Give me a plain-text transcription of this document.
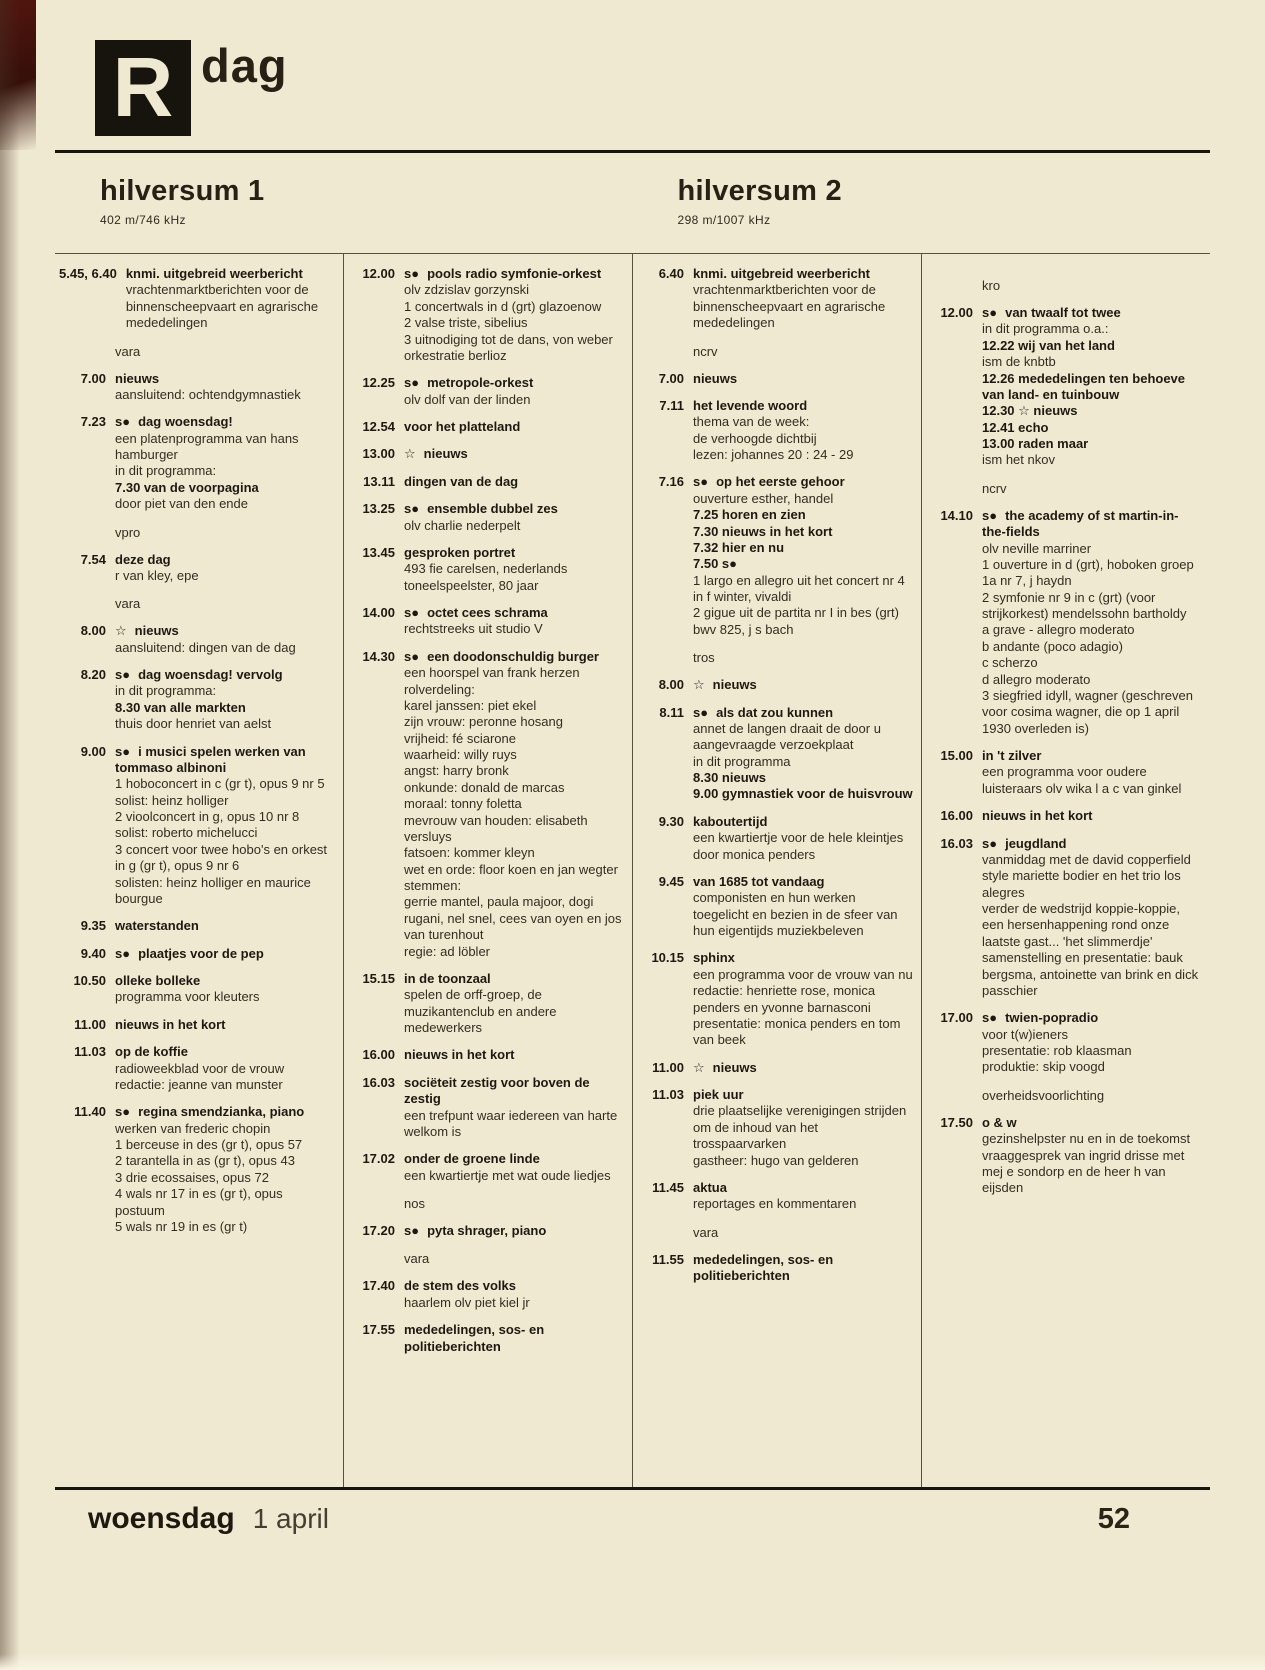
R dag
hilversum 1
402 m/746 kHz
hilversum 2
298 m/1007 kHz
5.45, 6.40 knmi. uitgebreid weerbericht
vrachtenmarktberichten voor de binnenscheepvaart en agrarische mededelingen
vara
7.00 nieuws
aansluitend: ochtendgymnastiek
7.23 s● dag woensdag!
een platenprogramma van hans hamburger
in dit programma:
7.30 van de voorpagina
door piet van den ende
vpro
7.54 deze dag
r van kley, epe
vara
8.00 ☆ nieuws
aansluitend: dingen van de dag
8.20 s● dag woensdag! vervolg
in dit programma:
8.30 van alle markten
thuis door henriet van aelst
9.00 s● i musici spelen werken van tommaso albinoni
1 hoboconcert in c (gr t), opus 9 nr 5
solist: heinz holliger
2 vioolconcert in g, opus 10 nr 8
solist: roberto michelucci
3 concert voor twee hobo's en orkest in g (gr t), opus 9 nr 6
solisten: heinz holliger en maurice bourgue
9.35 waterstanden
9.40 s● plaatjes voor de pep
10.50 olleke bolleke
programma voor kleuters
11.00 nieuws in het kort
11.03 op de koffie
radioweekblad voor de vrouw
redactie: jeanne van munster
11.40 s● regina smendzianka, piano
werken van frederic chopin
1 berceuse in des (gr t), opus 57
2 tarantella in as (gr t), opus 43
3 drie ecossaises, opus 72
4 wals nr 17 in es (gr t), opus postuum
5 wals nr 19 in es (gr t)
12.00 s● pools radio symfonie-orkest
olv zdzislav gorzynski
1 concertwals in d (grt) glazoenow
2 valse triste, sibelius
3 uitnodiging tot de dans, von weber
orkestratie berlioz
12.25 s● metropole-orkest
olv dolf van der linden
12.54 voor het platteland
13.00 ☆ nieuws
13.11 dingen van de dag
13.25 s● ensemble dubbel zes
olv charlie nederpelt
13.45 gesproken portret
493 fie carelsen, nederlands toneelspeelster, 80 jaar
14.00 s● octet cees schrama
rechtstreeks uit studio V
14.30 s● een doodonschuldig burger
een hoorspel van frank herzen
rolverdeling:
karel janssen: piet ekel
zijn vrouw: peronne hosang
vrijheid: fé sciarone
waarheid: willy ruys
angst: harry bronk
onkunde: donald de marcas
moraal: tonny foletta
mevrouw van houden: elisabeth versluys
fatsoen: kommer kleyn
wet en orde: floor koen en jan wegter
stemmen:
gerrie mantel, paula majoor, dogi rugani, nel snel, cees van oyen en jos van turenhout
regie: ad löbler
15.15 in de toonzaal
spelen de orff-groep, de muzikantenclub en andere medewerkers
16.00 nieuws in het kort
16.03 sociëteit zestig voor boven de zestig
een trefpunt waar iedereen van harte welkom is
17.02 onder de groene linde
een kwartiertje met wat oude liedjes
nos
17.20 s● pyta shrager, piano
vara
17.40 de stem des volks
haarlem olv piet kiel jr
17.55 mededelingen, sos- en politieberichten
6.40 knmi. uitgebreid weerbericht
vrachtenmarktberichten voor de binnenscheepvaart en agrarische mededelingen
ncrv
7.00 nieuws
7.11 het levende woord
thema van de week:
de verhoogde dichtbij
lezen: johannes 20 : 24 - 29
7.16 s● op het eerste gehoor
ouverture esther, handel
7.25 horen en zien
7.30 nieuws in het kort
7.32 hier en nu
7.50 s●
1 largo en allegro uit het concert nr 4 in f winter, vivaldi
2 gigue uit de partita nr I in bes (grt) bwv 825, j s bach
tros
8.00 ☆ nieuws
8.11 s● als dat zou kunnen
annet de langen draait de door u aangevraagde verzoekplaat
in dit programma
8.30 nieuws
9.00 gymnastiek voor de huisvrouw
9.30 kaboutertijd
een kwartiertje voor de hele kleintjes
door monica penders
9.45 van 1685 tot vandaag
componisten en hun werken toegelicht en bezien in de sfeer van hun eigentijds muziekbeleven
10.15 sphinx
een programma voor de vrouw van nu
redactie: henriette rose, monica penders en yvonne barnasconi
presentatie: monica penders en tom van beek
11.00 ☆ nieuws
11.03 piek uur
drie plaatselijke verenigingen strijden om de inhoud van het trosspaarvarken
gastheer: hugo van gelderen
11.45 aktua
reportages en kommentaren
vara
11.55 mededelingen, sos- en politieberichten
kro
12.00 s● van twaalf tot twee
in dit programma o.a.:
12.22 wij van het land
ism de knbtb
12.26 mededelingen ten behoeve van land- en tuinbouw
12.30 ☆ nieuws
12.41 echo
13.00 raden maar
ism het nkov
ncrv
14.10 s● the academy of st martin-in-the-fields
olv neville marriner
1 ouverture in d (grt), hoboken groep 1a nr 7, j haydn
2 symfonie nr 9 in c (grt) (voor strijkorkest) mendelssohn bartholdy
a grave - allegro moderato
b andante (poco adagio)
c scherzo
d allegro moderato
3 siegfried idyll, wagner (geschreven voor cosima wagner, die op 1 april 1930 overleden is)
15.00 in 't zilver
een programma voor oudere luisteraars olv wika l a c van ginkel
16.00 nieuws in het kort
16.03 s● jeugdland
vanmiddag met de david copperfield style mariette bodier en het trio los alegres
verder de wedstrijd koppie-koppie, een hersenhappening rond onze laatste gast... 'het slimmerdje'
samenstelling en presentatie: bauk bergsma, antoinette van brink en dick passchier
17.00 s● twien-popradio
voor t(w)ieners
presentatie: rob klaasman
produktie: skip voogd
overheidsvoorlichting
17.50 o & w
gezinshelpster nu en in de toekomst
vraaggesprek van ingrid drisse met mej e sondorp en de heer h van eijsden
woensdag 1 april	52
